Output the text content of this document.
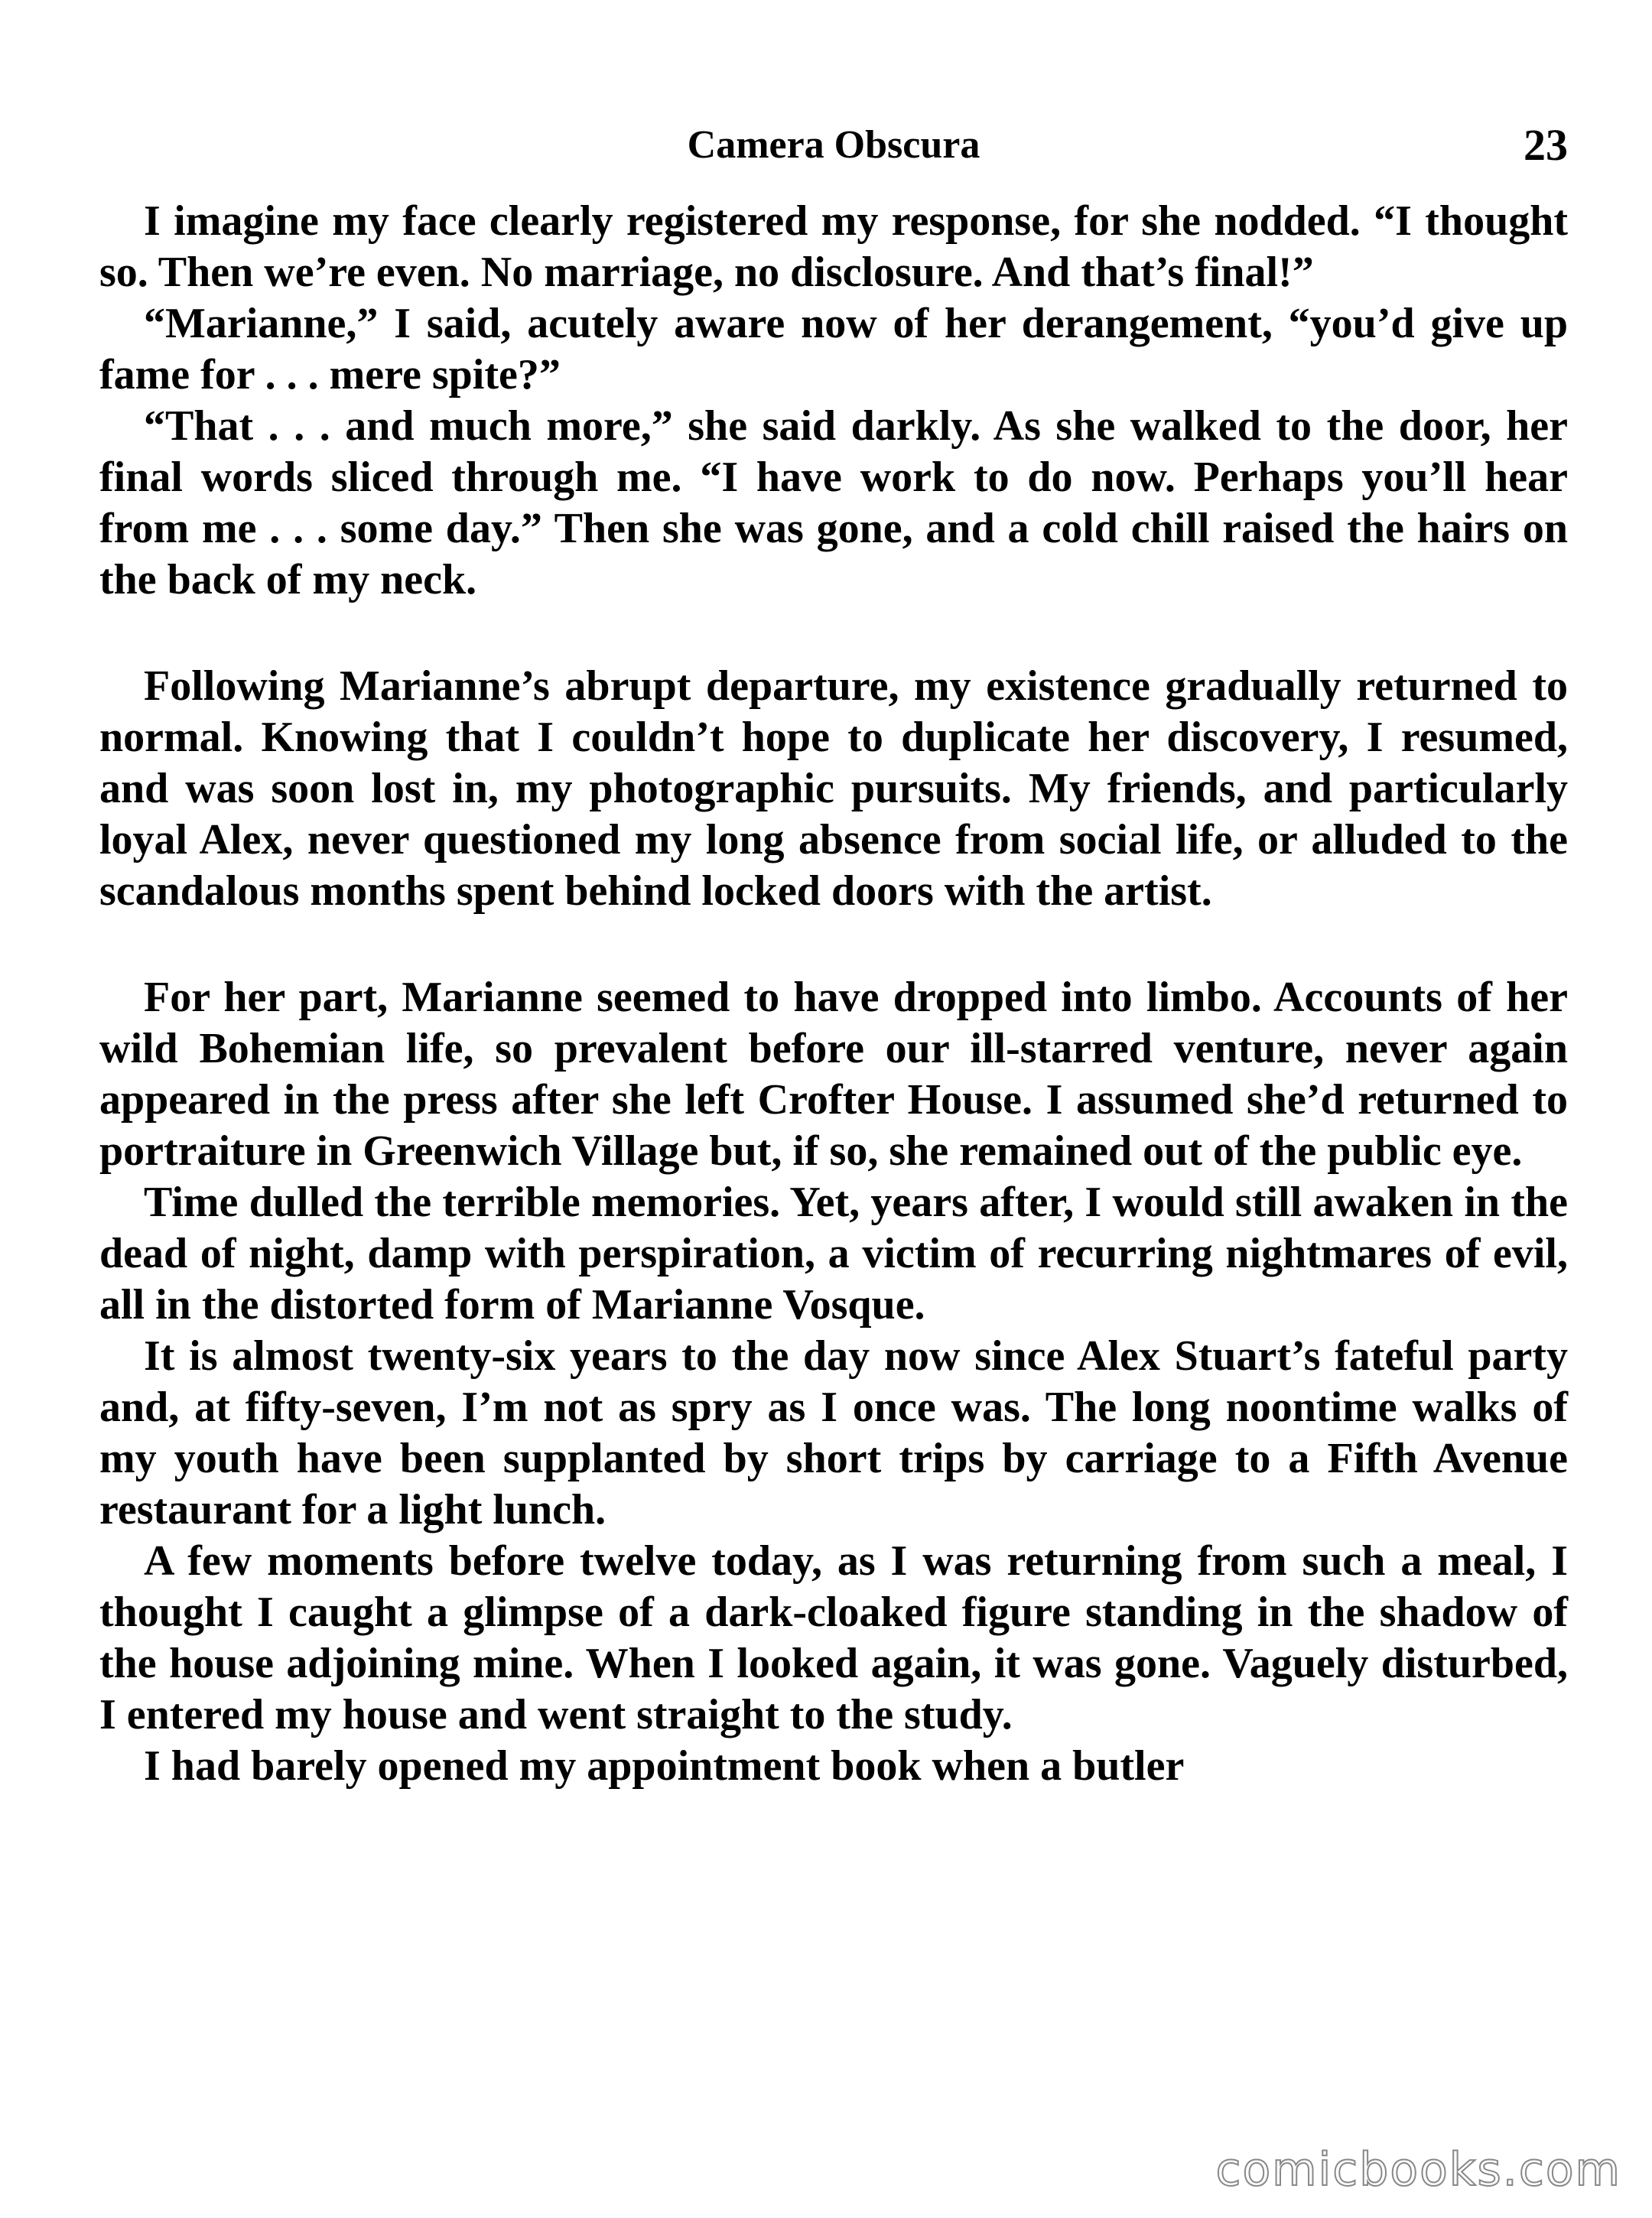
Camera Obscura	23

I imagine my face clearly registered my response, for she nodded. “I thought so. Then we’re even. No marriage, no disclosure. And that’s final!”

“Marianne,” I said, acutely aware now of her derangement, “you’d give up fame for . . . mere spite?”

“That . . . and much more,” she said darkly. As she walked to the door, her final words sliced through me. “I have work to do now. Perhaps you’ll hear from me . . . some day.” Then she was gone, and a cold chill raised the hairs on the back of my neck.

Following Marianne’s abrupt departure, my existence gradually returned to normal. Knowing that I couldn’t hope to duplicate her discovery, I resumed, and was soon lost in, my photographic pursuits. My friends, and particularly loyal Alex, never questioned my long absence from social life, or alluded to the scandalous months spent behind locked doors with the artist.

For her part, Marianne seemed to have dropped into limbo. Accounts of her wild Bohemian life, so prevalent before our ill-starred venture, never again appeared in the press after she left Crofter House. I assumed she’d returned to portraiture in Greenwich Village but, if so, she remained out of the public eye.

Time dulled the terrible memories. Yet, years after, I would still awaken in the dead of night, damp with perspiration, a victim of recurring nightmares of evil, all in the distorted form of Marianne Vosque.

It is almost twenty-six years to the day now since Alex Stuart’s fateful party and, at fifty-seven, I’m not as spry as I once was. The long noontime walks of my youth have been supplanted by short trips by carriage to a Fifth Avenue restaurant for a light lunch.

A few moments before twelve today, as I was returning from such a meal, I thought I caught a glimpse of a dark-cloaked figure standing in the shadow of the house adjoining mine. When I looked again, it was gone. Vaguely disturbed, I entered my house and went straight to the study.

I had barely opened my appointment book when a butler

comicbooks.com
